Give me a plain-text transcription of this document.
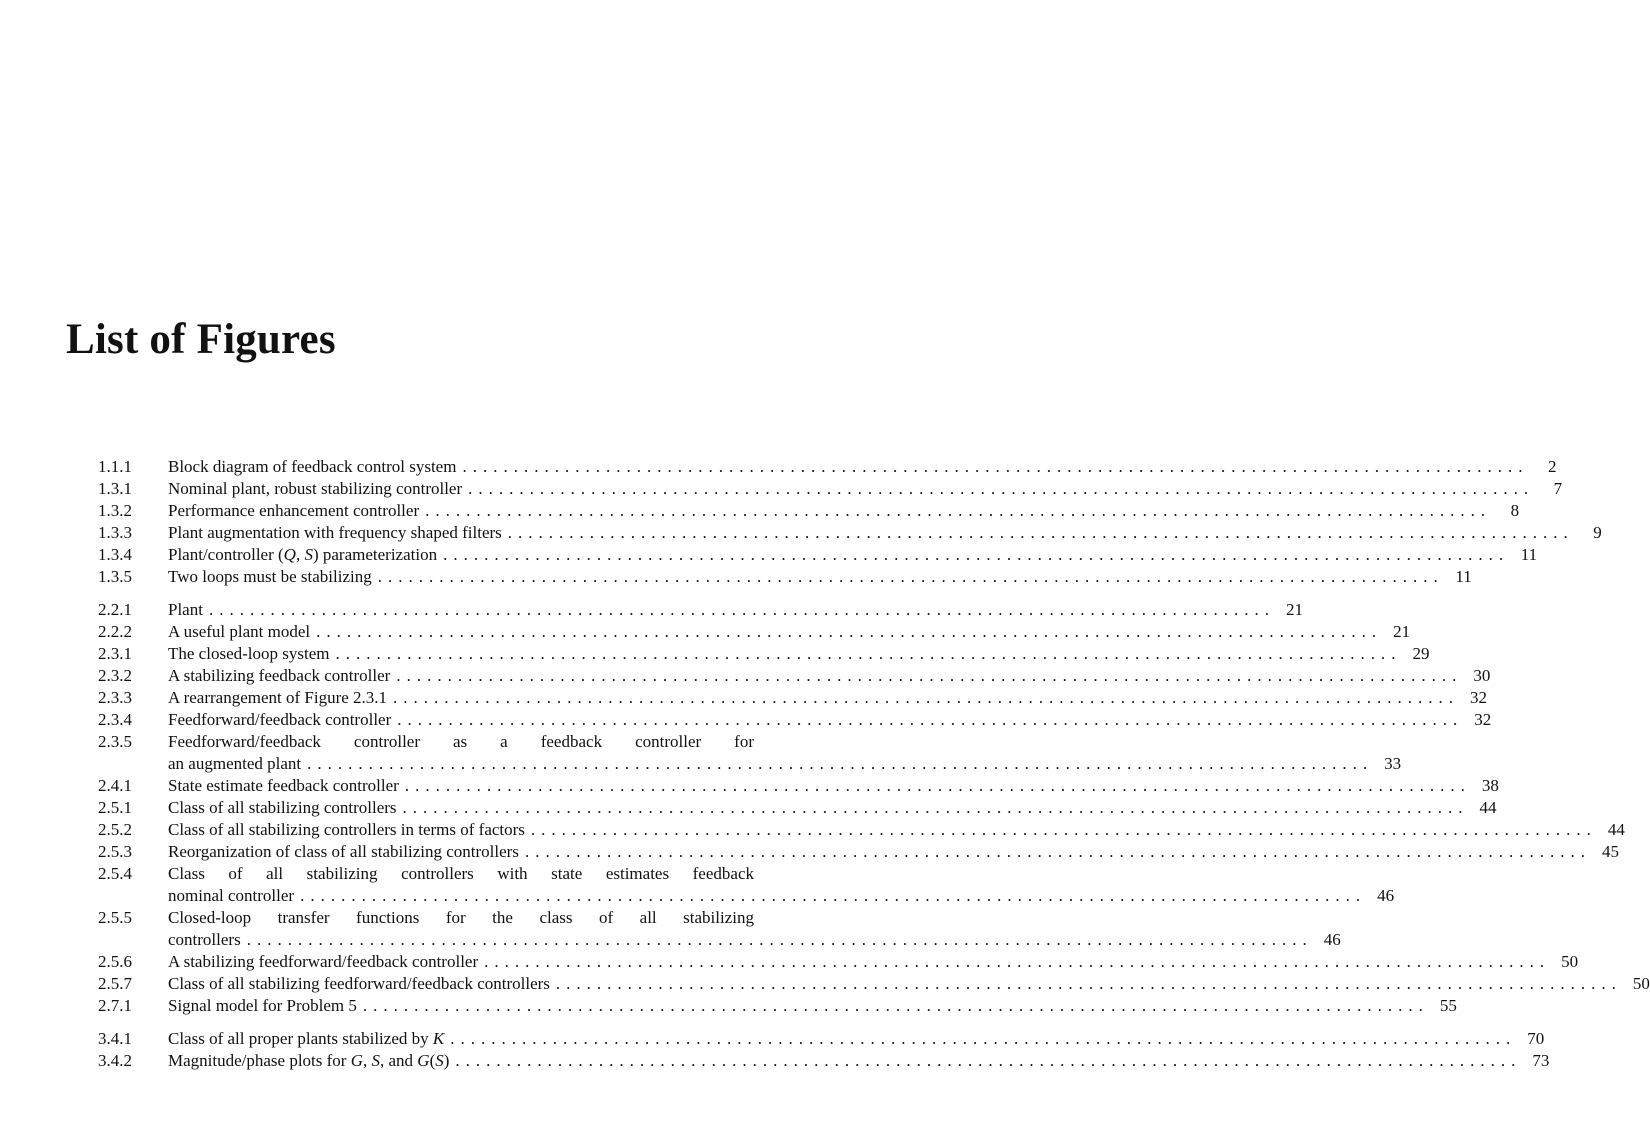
List of Figures
1.1.1	Block diagram of feedback control system ........................................................................................................	2
1.3.1	Nominal plant, robust stabilizing controller ........................................................................................................	7
1.3.2	Performance enhancement controller ........................................................................................................	8
1.3.3	Plant augmentation with frequency shaped filters ........................................................................................................	9
1.3.4	Plant/controller (Q, S) parameterization ........................................................................................................ 11
1.3.5	Two loops must be stabilizing ........................................................................................................ 11
2.2.1	Plant ........................................................................................................ 21
2.2.2	A useful plant model ........................................................................................................ 21
2.3.1	The closed-loop system ........................................................................................................ 29
2.3.2	A stabilizing feedback controller ........................................................................................................ 30
2.3.3	A rearrangement of Figure 2.3.1 ........................................................................................................ 32
2.3.4	Feedforward/feedback controller ........................................................................................................ 32
2.3.5	Feedforward/feedback controller as a feedback controller for
an augmented plant ........................................................................................................ 33
2.4.1	State estimate feedback controller ........................................................................................................ 38
2.5.1	Class of all stabilizing controllers ........................................................................................................ 44
2.5.2	Class of all stabilizing controllers in terms of factors ........................................................................................................ 44
2.5.3	Reorganization of class of all stabilizing controllers ........................................................................................................ 45
2.5.4	Class of all stabilizing controllers with state estimates feedback
nominal controller ........................................................................................................ 46
2.5.5	Closed-loop transfer functions for the class of all stabilizing
controllers ........................................................................................................ 46
2.5.6	A stabilizing feedforward/feedback controller ........................................................................................................ 50
2.5.7	Class of all stabilizing feedforward/feedback controllers ........................................................................................................ 50
2.7.1	Signal model for Problem 5 ........................................................................................................ 55
3.4.1	Class of all proper plants stabilized by K ........................................................................................................ 70
3.4.2	Magnitude/phase plots for G, S, and G(S) ........................................................................................................ 73
